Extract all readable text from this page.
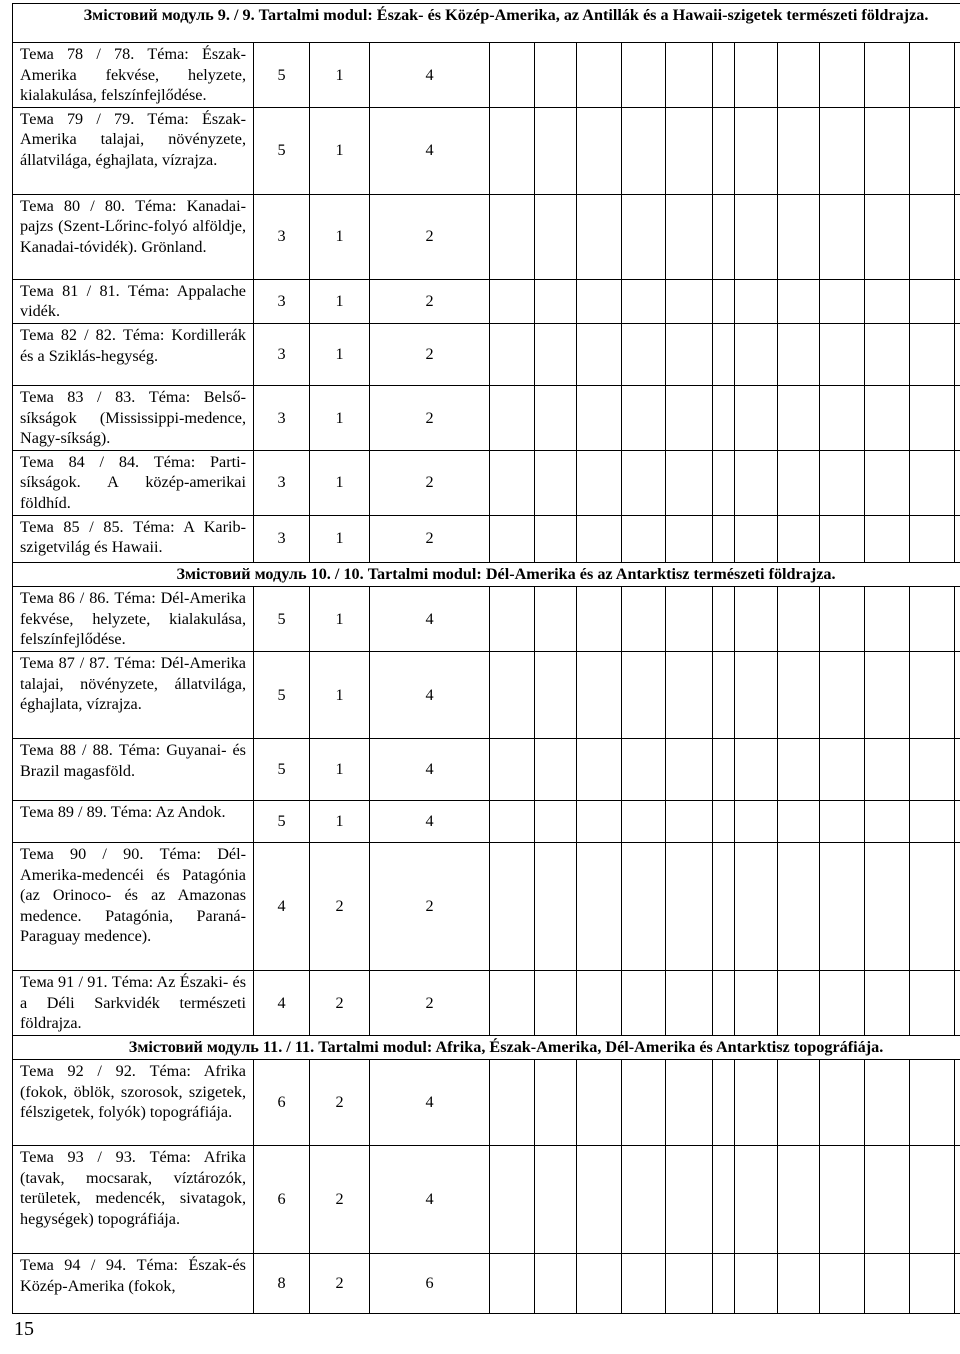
Змістовий модуль 9. / 9. Tartalmi modul: Észak- és Közép-Amerika, az Antillák és a Hawaii-szigetek természeti földrajza.															
Тема 78 / 78. Téma: Észak-Amerika fekvése, helyzete, kialakulása, felszínfejlődése.	5	1	4												
Тема 79 / 79. Téma: Észak-Amerika talajai, növényzete, állatvilága, éghajlata, vízrajza.	5	1	4												
Тема 80 / 80. Téma: Kanadai-pajzs (Szent-Lőrinc-folyó alföldje, Kanadai-tóvidék). Grönland.	3	1	2												
Тема 81 / 81. Téma: Appalache vidék.	3	1	2												
Тема 82 / 82. Téma: Kordillerák és a Sziklás-hegység.	3	1	2												
Тема 83 / 83. Téma: Belső-síkságok (Mississippi-medence, Nagy-síkság).	3	1	2												
Тема 84 / 84. Téma: Parti-síkságok. A közép-amerikai földhíd.	3	1	2												
Тема 85 / 85. Téma: A Karib-szigetvilág és Hawaii.	3	1	2												
Змістовий модуль 10. / 10. Tartalmi modul: Dél-Amerika és az Antarktisz természeti földrajza.															
Тема 86 / 86. Téma: Dél-Amerika fekvése, helyzete, kialakulása, felszínfejlődése.	5	1	4												
Тема 87 / 87. Téma: Dél-Amerika talajai, növényzete, állatvilága, éghajlata, vízrajza.	5	1	4												
Тема 88 / 88. Téma: Guyanai- és Brazil magasföld.	5	1	4												
Тема 89 / 89. Téma: Az Andok.	5	1	4												
Тема 90 / 90. Téma: Dél-Amerika-medencéi és Patagónia (az Orinoco- és az Amazonas medence. Patagónia, Paraná-Paraguay medence).	4	2	2												
Тема 91 / 91. Téma: Az Északi- és a Déli Sarkvidék természeti földrajza.	4	2	2												
Змістовий модуль 11. / 11. Tartalmi modul: Afrika, Észak-Amerika, Dél-Amerika és Antarktisz topográfiája.															
Тема 92 / 92. Téma: Afrika (fokok, öblök, szorosok, szigetek, félszigetek, folyók) topográfiája.	6	2	4												
Тема 93 / 93. Téma: Afrika (tavak, mocsarak, víztározók, területek, medencék, sivatagok, hegységek) topográfiája.	6	2	4												
Тема 94 / 94. Téma: Észak-és Közép-Amerika (fokok,	8	2	6												
15
